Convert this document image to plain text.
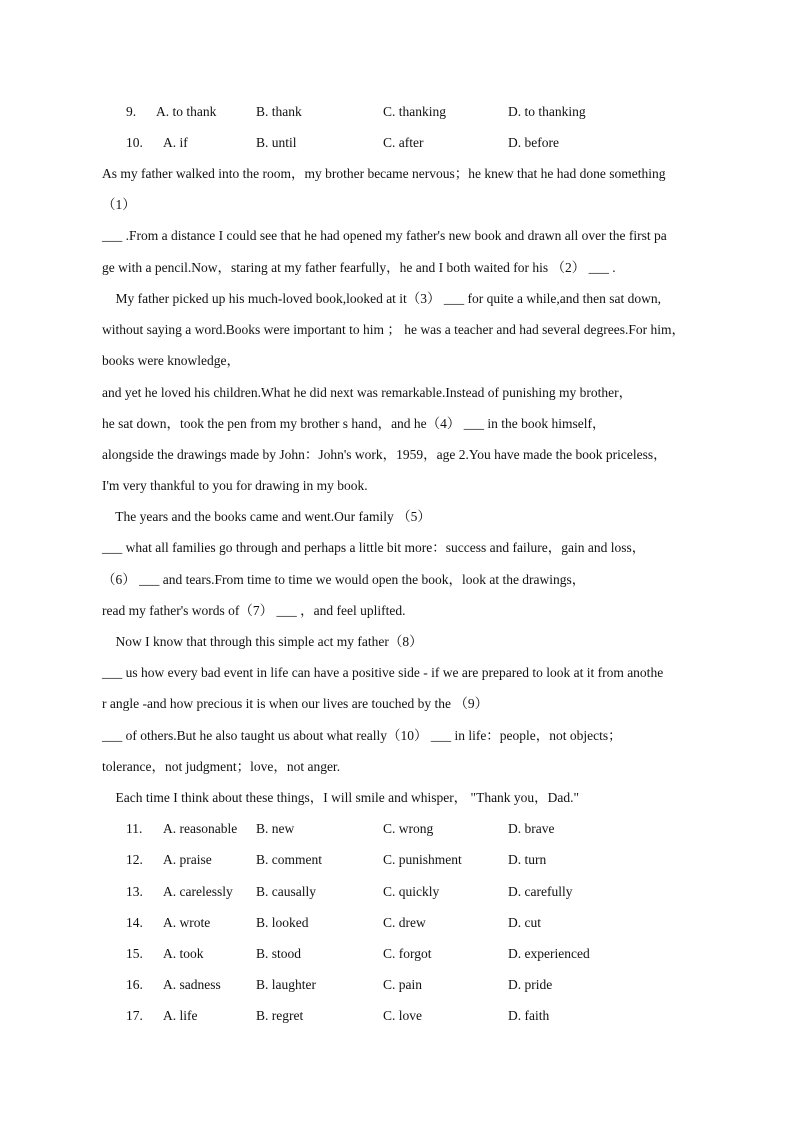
9. A. to thank	B. thank	C. thanking	D. to thanking
10. A. if	B. until	C. after	D. before
As my father walked into the room，my brother became nervous；he knew that he had done something
（1）
___ .From a distance I could see that he had opened my father's new book and drawn all over the first pa
ge with a pencil.Now，staring at my father fearfully，he and I both waited for his （2） ___ .
My father picked up his much-loved book,looked at it（3） ___ for quite a while,and then sat down,
without saying a word.Books were important to him ； he was a teacher and had several degrees.For him，
books were knowledge，
and yet he loved his children.What he did next was remarkable.Instead of punishing my brother，
he sat down，took the pen from my brother s hand，and he（4） ___ in the book himself，
alongside the drawings made by John：John's work，1959，age 2.You have made the book priceless，
I'm very thankful to you for drawing in my book.
The years and the books came and went.Our family （5）
___ what all families go through and perhaps a little bit more：success and failure，gain and loss，
（6） ___ and tears.From time to time we would open the book，look at the drawings，
read my father's words of（7） ___ ，and feel uplifted.
Now I know that through this simple act my father（8）
___ us how every bad event in life can have a positive side - if we are prepared to look at it from anothe
r angle -and how precious it is when our lives are touched by the （9）
___ of others.But he also taught us about what really（10） ___ in life：people，not objects；
tolerance，not judgment；love，not anger.
Each time I think about these things，I will smile and whisper， "Thank you，Dad."
11. A. reasonable B. new	C. wrong	D. brave
12. A. praise	B. comment	C. punishment	D. turn
13. A. carelessly B. causally	C. quickly	D. carefully
14. A. wrote	B. looked	C. drew	D. cut
15. A. took	B. stood	C. forgot	D. experienced
16. A. sadness	B. laughter	C. pain	D. pride
17. A. life	B. regret	C. love	D. faith
